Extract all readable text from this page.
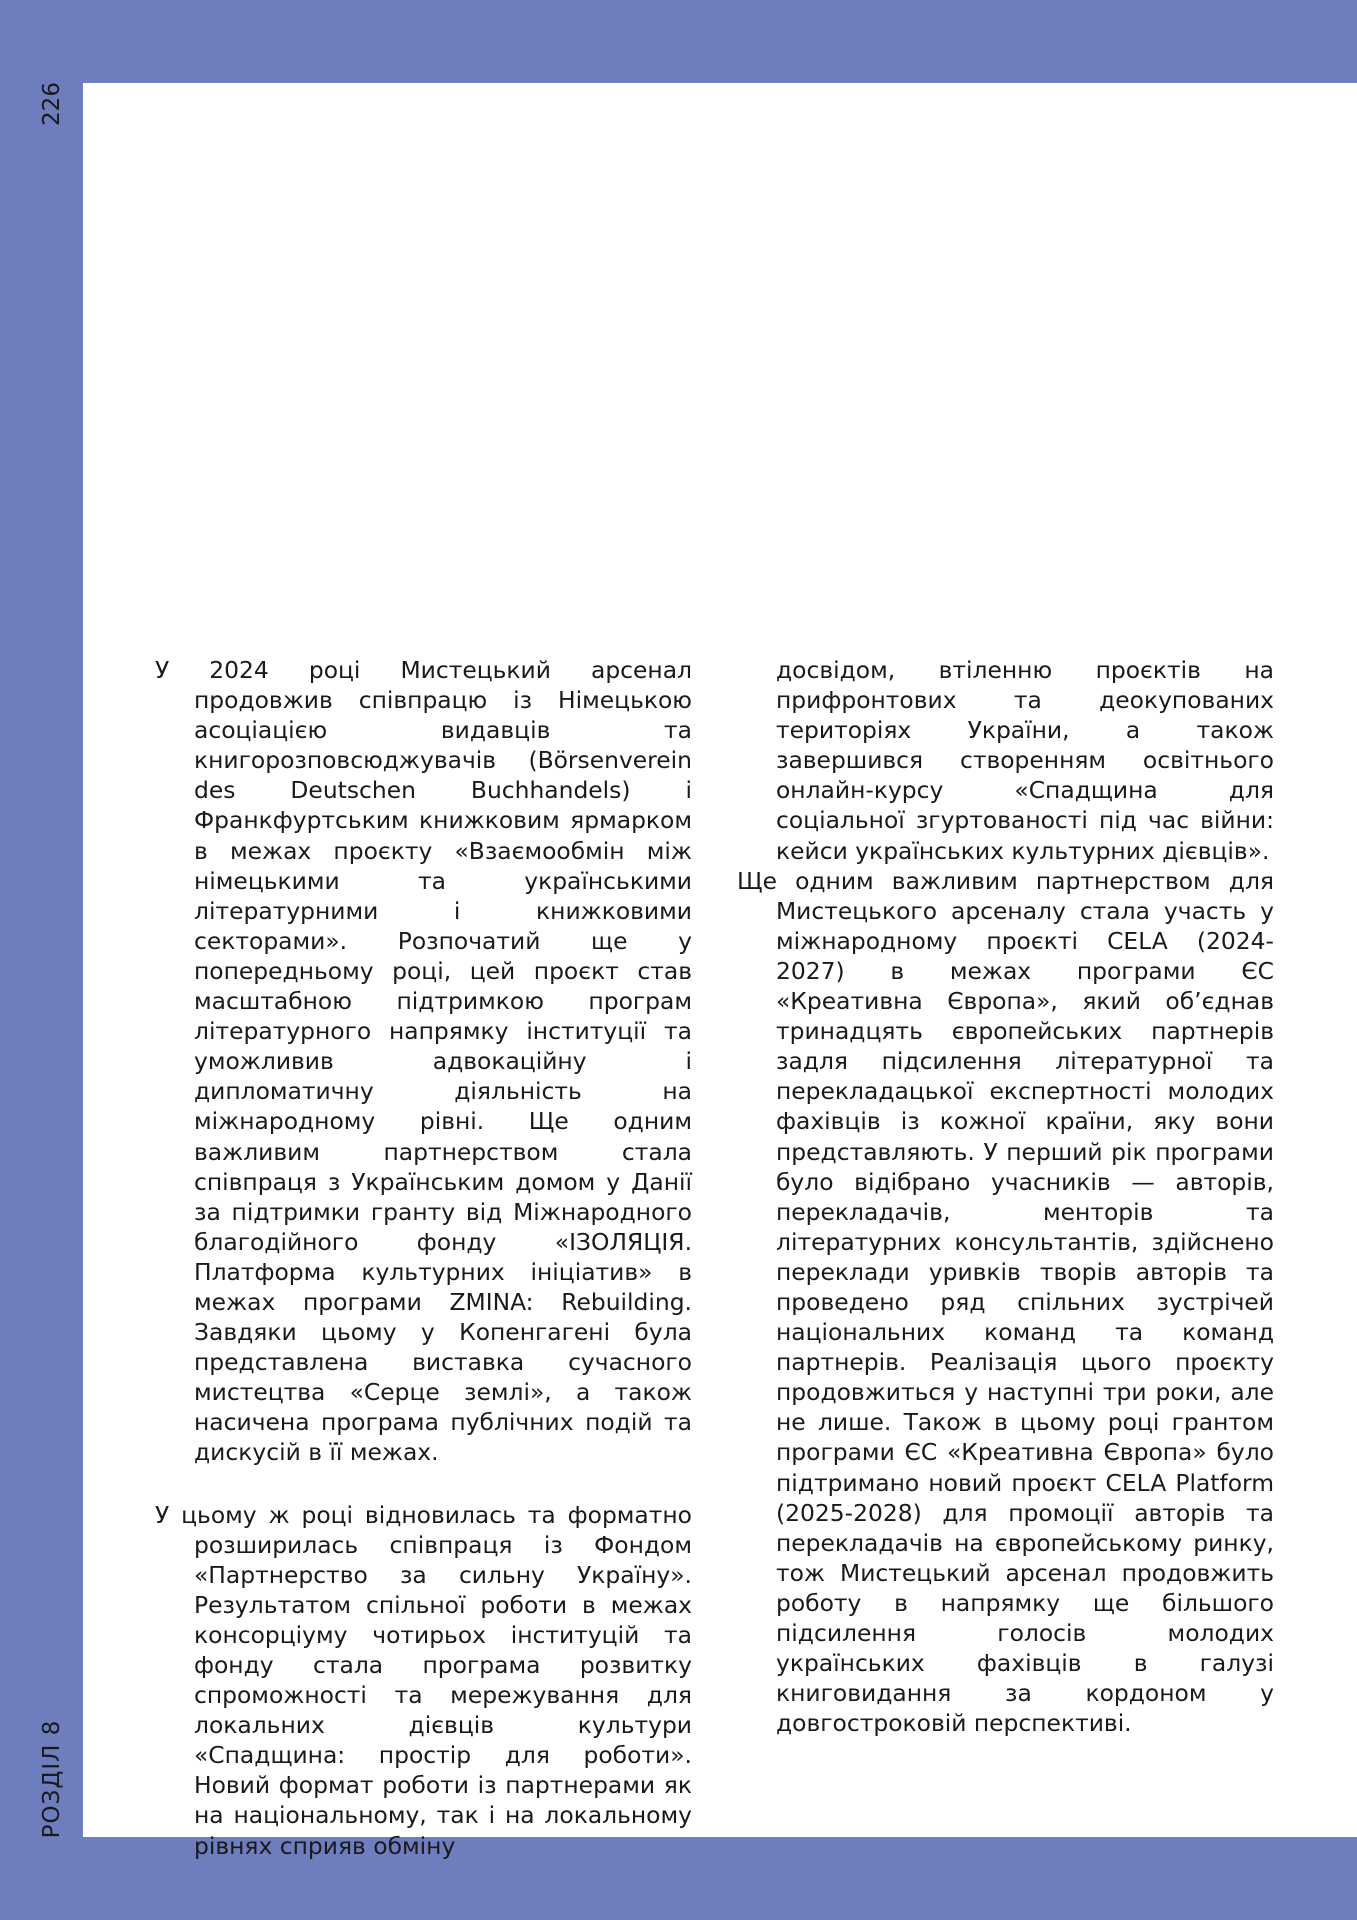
226
РОЗДІЛ 8

У 2024 році Мистецький арсенал продовжив співпрацю із Німецькою асоціацією видавців та книгорозповсюджувачів (Börsenverein des Deutschen Buchhandels) і Франкфуртським книжковим ярмарком в межах проєкту «Взаємообмін між німецькими та українськими літературними і книжковими секторами». Розпочатий ще у попередньому році, цей проєкт став масштабною підтримкою програм літературного напрямку інституції та уможливив адвокаційну і дипломатичну діяльність на міжнародному рівні. Ще одним важливим партнерством стала співпраця з Українським домом у Данії за підтримки гранту від Міжнародного благодійного фонду «ІЗОЛЯЦІЯ. Платформа культурних ініціатив» в межах програми ZMINA: Rebuilding. Завдяки цьому у Копенгагені була представлена виставка сучасного мистецтва «Серце землі», а також насичена програма публічних подій та дискусій в її межах.

У цьому ж році відновилась та форматно розширилась співпраця із Фондом «Партнерство за сильну Україну». Результатом спільної роботи в межах консорціуму чотирьох інституцій та фонду стала програма розвитку спроможності та мережування для локальних дієвців культури «Спадщина: простір для роботи». Новий формат роботи із партнерами як на національному, так і на локальному рівнях сприяв обміну

досвідом, втіленню проєктів на прифронтових та деокупованих територіях України, а також завершився створенням освітнього онлайн-курсу «Спадщина для соціальної згуртованості під час війни: кейси українських культурних дієвців».

Ще одним важливим партнерством для Мистецького арсеналу стала участь у міжнародному проєкті CELA (2024-2027) в межах програми ЄС «Креативна Європа», який об’єднав тринадцять європейських партнерів задля підсилення літературної та перекладацької експертності молодих фахівців із кожної країни, яку вони представляють. У перший рік програми було відібрано учасників — авторів, перекладачів, менторів та літературних консультантів, здійснено переклади уривків творів авторів та проведено ряд спільних зустрічей національних команд та команд партнерів. Реалізація цього проєкту продовжиться у наступні три роки, але не лише. Також в цьому році грантом програми ЄС «Креативна Європа» було підтримано новий проєкт CELA Platform (2025-2028) для промоції авторів та перекладачів на європейському ринку, тож Мистецький арсенал продовжить роботу в напрямку ще більшого підсилення голосів молодих українських фахівців в галузі книговидання за кордоном у довгостроковій перспективі.
